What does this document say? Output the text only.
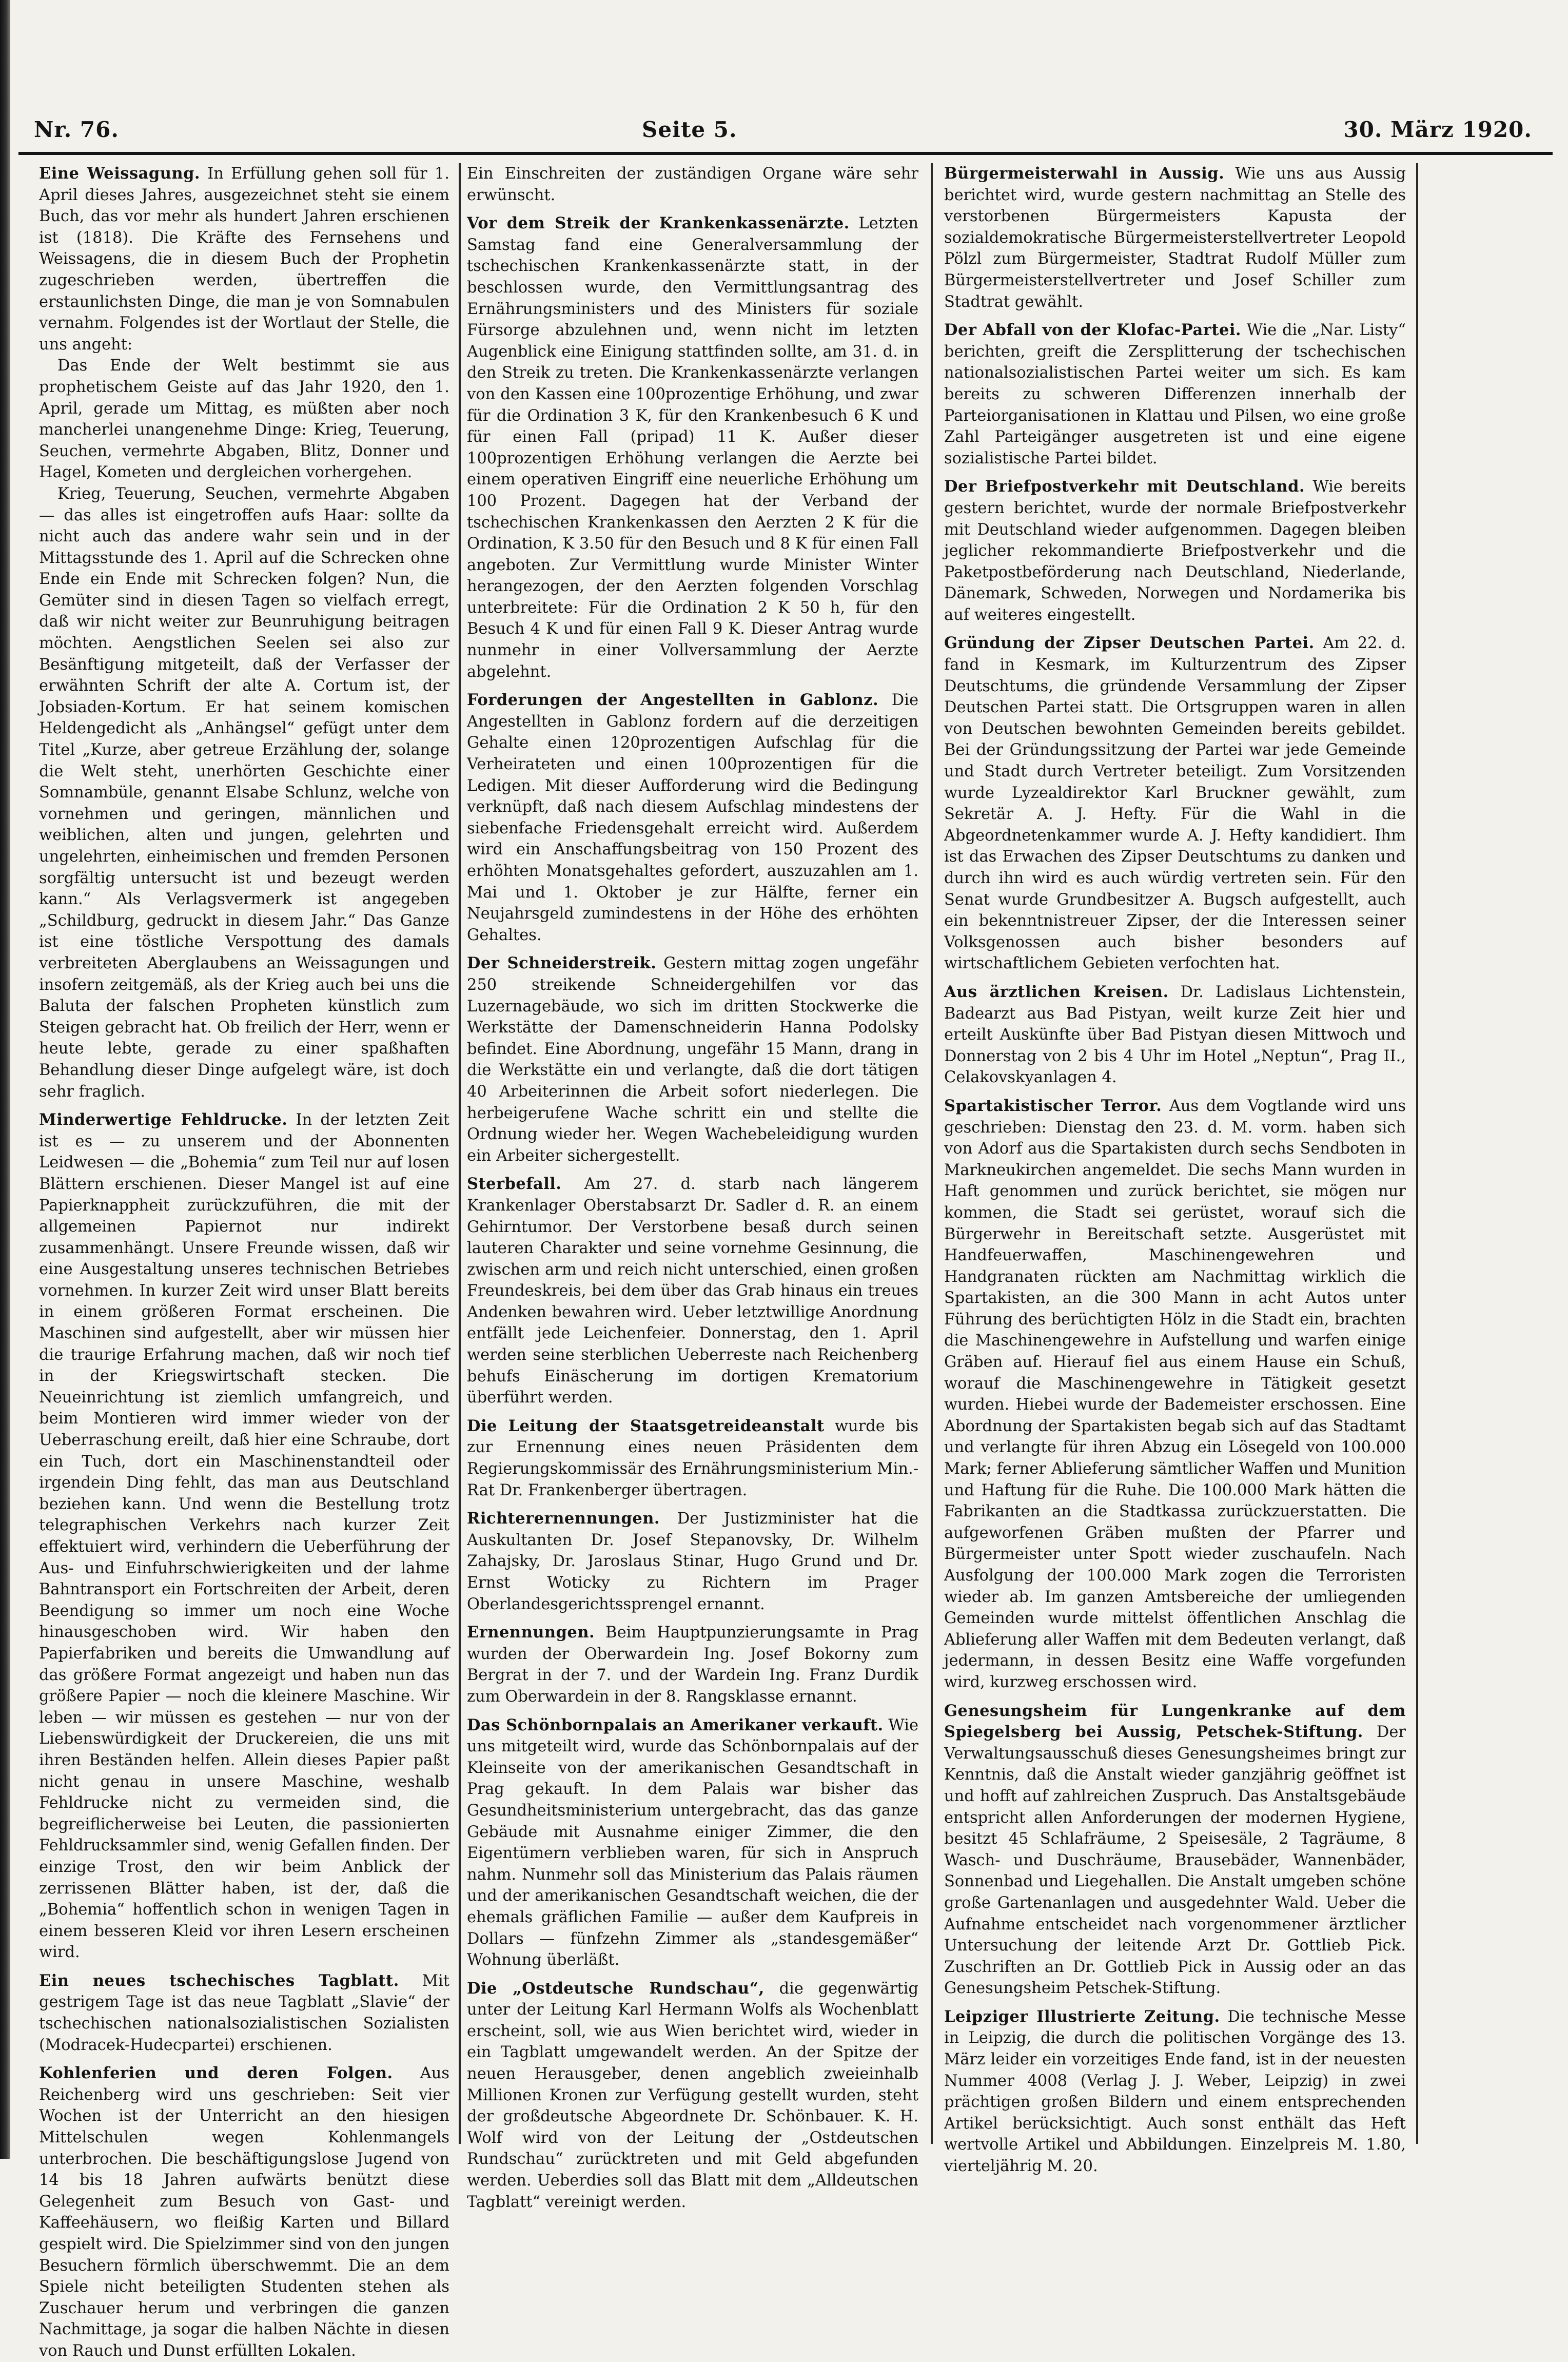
Nr. 76.	Seite 5.	30. März 1920.

Eine Weissagung. In Erfüllung gehen soll für 1. April dieses Jahres, ausgezeichnet steht sie einem Buch, das vor mehr als hundert Jahren erschienen ist (1818). Die Kräfte des Fernsehens und Weissagens, die in diesem Buch der Prophetin zugeschrieben werden, übertreffen die erstaunlichsten Dinge, die man je von Somnabulen vernahm. Folgendes ist der Wortlaut der Stelle, die uns angeht:

Das Ende der Welt bestimmt sie aus prophetischem Geiste auf das Jahr 1920, den 1. April, gerade um Mittag, es müßten aber noch mancherlei unangenehme Dinge: Krieg, Teuerung, Seuchen, vermehrte Abgaben, Blitz, Donner und Hagel, Kometen und dergleichen vorhergehen.

Krieg, Teuerung, Seuchen, vermehrte Abgaben — das alles ist eingetroffen aufs Haar: sollte da nicht auch das andere wahr sein und in der Mittagsstunde des 1. April auf die Schrecken ohne Ende ein Ende mit Schrecken folgen? Nun, die Gemüter sind in diesen Tagen so vielfach erregt, daß wir nicht weiter zur Beunruhigung beitragen möchten. Aengstlichen Seelen sei also zur Besänftigung mitgeteilt, daß der Verfasser der erwähnten Schrift der alte A. Cortum ist, der Jobsiaden-Kortum. Er hat seinem komischen Heldengedicht als „Anhängsel“ gefügt unter dem Titel „Kurze, aber getreue Erzählung der, solange die Welt steht, unerhörten Geschichte einer Somnambüle, genannt Elsabe Schlunz, welche von vornehmen und geringen, männlichen und weiblichen, alten und jungen, gelehrten und ungelehrten, einheimischen und fremden Personen sorgfältig untersucht ist und bezeugt werden kann.“ Als Verlagsvermerk ist angegeben „Schildburg, gedruckt in diesem Jahr.“ Das Ganze ist eine töstliche Verspottung des damals verbreiteten Aberglaubens an Weissagungen und insofern zeitgemäß, als der Krieg auch bei uns die Baluta der falschen Propheten künstlich zum Steigen gebracht hat. Ob freilich der Herr, wenn er heute lebte, gerade zu einer spaßhaften Behandlung dieser Dinge aufgelegt wäre, ist doch sehr fraglich.

Minderwertige Fehldrucke. In der letzten Zeit ist es — zu unserem und der Abonnenten Leidwesen — die „Bohemia“ zum Teil nur auf losen Blättern erschienen. Dieser Mangel ist auf eine Papierknappheit zurückzuführen, die mit der allgemeinen Papiernot nur indirekt zusammenhängt. Unsere Freunde wissen, daß wir eine Ausgestaltung unseres technischen Betriebes vornehmen. In kurzer Zeit wird unser Blatt bereits in einem größeren Format erscheinen. Die Maschinen sind aufgestellt, aber wir müssen hier die traurige Erfahrung machen, daß wir noch tief in der Kriegswirtschaft stecken. Die Neueinrichtung ist ziemlich umfangreich, und beim Montieren wird immer wieder von der Ueberraschung ereilt, daß hier eine Schraube, dort ein Tuch, dort ein Maschinenstandteil oder irgendein Ding fehlt, das man aus Deutschland beziehen kann. Und wenn die Bestellung trotz telegraphischen Verkehrs nach kurzer Zeit effektuiert wird, verhindern die Ueberführung der Aus- und Einfuhrschwierigkeiten und der lahme Bahntransport ein Fortschreiten der Arbeit, deren Beendigung so immer um noch eine Woche hinausgeschoben wird. Wir haben den Papierfabriken und bereits die Umwandlung auf das größere Format angezeigt und haben nun das größere Papier — noch die kleinere Maschine. Wir leben — wir müssen es gestehen — nur von der Liebenswürdigkeit der Druckereien, die uns mit ihren Beständen helfen. Allein dieses Papier paßt nicht genau in unsere Maschine, weshalb Fehldrucke nicht zu vermeiden sind, die begreiflicherweise bei Leuten, die passionierten Fehldrucksammler sind, wenig Gefallen finden. Der einzige Trost, den wir beim Anblick der zerrissenen Blätter haben, ist der, daß die „Bohemia“ hoffentlich schon in wenigen Tagen in einem besseren Kleid vor ihren Lesern erscheinen wird.

Ein neues tschechisches Tagblatt. Mit gestrigem Tage ist das neue Tagblatt „Slavie“ der tschechischen nationalsozialistischen Sozialisten (Modracek-Hudecpartei) erschienen.

Kohlenferien und deren Folgen. Aus Reichenberg wird uns geschrieben: Seit vier Wochen ist der Unterricht an den hiesigen Mittelschulen wegen Kohlenmangels unterbrochen. Die beschäftigungslose Jugend von 14 bis 18 Jahren aufwärts benützt diese Gelegenheit zum Besuch von Gast- und Kaffeehäusern, wo fleißig Karten und Billard gespielt wird. Die Spielzimmer sind von den jungen Besuchern förmlich überschwemmt. Die an dem Spiele nicht beteiligten Studenten stehen als Zuschauer herum und verbringen die ganzen Nachmittage, ja sogar die halben Nächte in diesen von Rauch und Dunst erfüllten Lokalen.

Ein Einschreiten der zuständigen Organe wäre sehr erwünscht.

Vor dem Streik der Krankenkassenärzte. Letzten Samstag fand eine Generalversammlung der tschechischen Krankenkassenärzte statt, in der beschlossen wurde, den Vermittlungsantrag des Ernährungsministers und des Ministers für soziale Fürsorge abzulehnen und, wenn nicht im letzten Augenblick eine Einigung stattfinden sollte, am 31. d. in den Streik zu treten. Die Krankenkassenärzte verlangen von den Kassen eine 100prozentige Erhöhung, und zwar für die Ordination 3 K, für den Krankenbesuch 6 K und für einen Fall (pripad) 11 K. Außer dieser 100prozentigen Erhöhung verlangen die Aerzte bei einem operativen Eingriff eine neuerliche Erhöhung um 100 Prozent. Dagegen hat der Verband der tschechischen Krankenkassen den Aerzten 2 K für die Ordination, K 3.50 für den Besuch und 8 K für einen Fall angeboten. Zur Vermittlung wurde Minister Winter herangezogen, der den Aerzten folgenden Vorschlag unterbreitete: Für die Ordination 2 K 50 h, für den Besuch 4 K und für einen Fall 9 K. Dieser Antrag wurde nunmehr in einer Vollversammlung der Aerzte abgelehnt.

Forderungen der Angestellten in Gablonz. Die Angestellten in Gablonz fordern auf die derzeitigen Gehalte einen 120prozentigen Aufschlag für die Verheirateten und einen 100prozentigen für die Ledigen. Mit dieser Aufforderung wird die Bedingung verknüpft, daß nach diesem Aufschlag mindestens der siebenfache Friedensgehalt erreicht wird. Außerdem wird ein Anschaffungsbeitrag von 150 Prozent des erhöhten Monatsgehaltes gefordert, auszuzahlen am 1. Mai und 1. Oktober je zur Hälfte, ferner ein Neujahrsgeld zumindestens in der Höhe des erhöhten Gehaltes.

Der Schneiderstreik. Gestern mittag zogen ungefähr 250 streikende Schneidergehilfen vor das Luzernagebäude, wo sich im dritten Stockwerke die Werkstätte der Damenschneiderin Hanna Podolsky befindet. Eine Abordnung, ungefähr 15 Mann, drang in die Werkstätte ein und verlangte, daß die dort tätigen 40 Arbeiterinnen die Arbeit sofort niederlegen. Die herbeigerufene Wache schritt ein und stellte die Ordnung wieder her. Wegen Wachebeleidigung wurden ein Arbeiter sichergestellt.

Sterbefall. Am 27. d. starb nach längerem Krankenlager Oberstabsarzt Dr. Sadler d. R. an einem Gehirntumor. Der Verstorbene besaß durch seinen lauteren Charakter und seine vornehme Gesinnung, die zwischen arm und reich nicht unterschied, einen großen Freundeskreis, bei dem über das Grab hinaus ein treues Andenken bewahren wird. Ueber letztwillige Anordnung entfällt jede Leichenfeier. Donnerstag, den 1. April werden seine sterblichen Ueberreste nach Reichenberg behufs Einäscherung im dortigen Krematorium überführt werden.

Die Leitung der Staatsgetreideanstalt wurde bis zur Ernennung eines neuen Präsidenten dem Regierungskommissär des Ernährungsministerium Min.-Rat Dr. Frankenberger übertragen.

Richterernennungen. Der Justizminister hat die Auskultanten Dr. Josef Stepanovsky, Dr. Wilhelm Zahajsky, Dr. Jaroslaus Stinar, Hugo Grund und Dr. Ernst Woticky zu Richtern im Prager Oberlandesgerichtssprengel ernannt.

Ernennungen. Beim Hauptpunzierungsamte in Prag wurden der Oberwardein Ing. Josef Bokorny zum Bergrat in der 7. und der Wardein Ing. Franz Durdik zum Oberwardein in der 8. Rangsklasse ernannt.

Das Schönbornpalais an Amerikaner verkauft. Wie uns mitgeteilt wird, wurde das Schönbornpalais auf der Kleinseite von der amerikanischen Gesandtschaft in Prag gekauft. In dem Palais war bisher das Gesundheitsministerium untergebracht, das das ganze Gebäude mit Ausnahme einiger Zimmer, die den Eigentümern verblieben waren, für sich in Anspruch nahm. Nunmehr soll das Ministerium das Palais räumen und der amerikanischen Gesandtschaft weichen, die der ehemals gräflichen Familie — außer dem Kaufpreis in Dollars — fünfzehn Zimmer als „standesgemäßer“ Wohnung überläßt.

Die „Ostdeutsche Rundschau“, die gegenwärtig unter der Leitung Karl Hermann Wolfs als Wochenblatt erscheint, soll, wie aus Wien berichtet wird, wieder in ein Tagblatt umgewandelt werden. An der Spitze der neuen Herausgeber, denen angeblich zweieinhalb Millionen Kronen zur Verfügung gestellt wurden, steht der großdeutsche Abgeordnete Dr. Schönbauer. K. H. Wolf wird von der Leitung der „Ostdeutschen Rundschau“ zurücktreten und mit Geld abgefunden werden. Ueberdies soll das Blatt mit dem „Alldeutschen Tagblatt“ vereinigt werden.

Bürgermeisterwahl in Aussig. Wie uns aus Aussig berichtet wird, wurde gestern nachmittag an Stelle des verstorbenen Bürgermeisters Kapusta der sozialdemokratische Bürgermeisterstellvertreter Leopold Pölzl zum Bürgermeister, Stadtrat Rudolf Müller zum Bürgermeisterstellvertreter und Josef Schiller zum Stadtrat gewählt.

Der Abfall von der Klofac-Partei. Wie die „Nar. Listy“ berichten, greift die Zersplitterung der tschechischen nationalsozialistischen Partei weiter um sich. Es kam bereits zu schweren Differenzen innerhalb der Parteiorganisationen in Klattau und Pilsen, wo eine große Zahl Parteigänger ausgetreten ist und eine eigene sozialistische Partei bildet.

Der Briefpostverkehr mit Deutschland. Wie bereits gestern berichtet, wurde der normale Briefpostverkehr mit Deutschland wieder aufgenommen. Dagegen bleiben jeglicher rekommandierte Briefpostverkehr und die Paketpostbeförderung nach Deutschland, Niederlande, Dänemark, Schweden, Norwegen und Nordamerika bis auf weiteres eingestellt.

Gründung der Zipser Deutschen Partei. Am 22. d. fand in Kesmark, im Kulturzentrum des Zipser Deutschtums, die gründende Versammlung der Zipser Deutschen Partei statt. Die Ortsgruppen waren in allen von Deutschen bewohnten Gemeinden bereits gebildet. Bei der Gründungssitzung der Partei war jede Gemeinde und Stadt durch Vertreter beteiligt. Zum Vorsitzenden wurde Lyzealdirektor Karl Bruckner gewählt, zum Sekretär A. J. Hefty. Für die Wahl in die Abgeordnetenkammer wurde A. J. Hefty kandidiert. Ihm ist das Erwachen des Zipser Deutschtums zu danken und durch ihn wird es auch würdig vertreten sein. Für den Senat wurde Grundbesitzer A. Bugsch aufgestellt, auch ein bekenntnistreuer Zipser, der die Interessen seiner Volksgenossen auch bisher besonders auf wirtschaftlichem Gebieten verfochten hat.

Aus ärztlichen Kreisen. Dr. Ladislaus Lichtenstein, Badearzt aus Bad Pistyan, weilt kurze Zeit hier und erteilt Auskünfte über Bad Pistyan diesen Mittwoch und Donnerstag von 2 bis 4 Uhr im Hotel „Neptun“, Prag II., Celakovskyanlagen 4.

Spartakistischer Terror. Aus dem Vogtlande wird uns geschrieben: Dienstag den 23. d. M. vorm. haben sich von Adorf aus die Spartakisten durch sechs Sendboten in Markneukirchen angemeldet. Die sechs Mann wurden in Haft genommen und zurück berichtet, sie mögen nur kommen, die Stadt sei gerüstet, worauf sich die Bürgerwehr in Bereitschaft setzte. Ausgerüstet mit Handfeuerwaffen, Maschinengewehren und Handgranaten rückten am Nachmittag wirklich die Spartakisten, an die 300 Mann in acht Autos unter Führung des berüchtigten Hölz in die Stadt ein, brachten die Maschinengewehre in Aufstellung und warfen einige Gräben auf. Hierauf fiel aus einem Hause ein Schuß, worauf die Maschinengewehre in Tätigkeit gesetzt wurden. Hiebei wurde der Bademeister erschossen. Eine Abordnung der Spartakisten begab sich auf das Stadtamt und verlangte für ihren Abzug ein Lösegeld von 100.000 Mark; ferner Ablieferung sämtlicher Waffen und Munition und Haftung für die Ruhe. Die 100.000 Mark hätten die Fabrikanten an die Stadtkassa zurückzuerstatten. Die aufgeworfenen Gräben mußten der Pfarrer und Bürgermeister unter Spott wieder zuschaufeln. Nach Ausfolgung der 100.000 Mark zogen die Terroristen wieder ab. Im ganzen Amtsbereiche der umliegenden Gemeinden wurde mittelst öffentlichen Anschlag die Ablieferung aller Waffen mit dem Bedeuten verlangt, daß jedermann, in dessen Besitz eine Waffe vorgefunden wird, kurzweg erschossen wird.

Genesungsheim für Lungenkranke auf dem Spiegelsberg bei Aussig, Petschek-Stiftung. Der Verwaltungsausschuß dieses Genesungsheimes bringt zur Kenntnis, daß die Anstalt wieder ganzjährig geöffnet ist und hofft auf zahlreichen Zuspruch. Das Anstaltsgebäude entspricht allen Anforderungen der modernen Hygiene, besitzt 45 Schlafräume, 2 Speisesäle, 2 Tagräume, 8 Wasch- und Duschräume, Brausebäder, Wannenbäder, Sonnenbad und Liegehallen. Die Anstalt umgeben schöne große Gartenanlagen und ausgedehnter Wald. Ueber die Aufnahme entscheidet nach vorgenommener ärztlicher Untersuchung der leitende Arzt Dr. Gottlieb Pick. Zuschriften an Dr. Gottlieb Pick in Aussig oder an das Genesungsheim Petschek-Stiftung.

Leipziger Illustrierte Zeitung. Die technische Messe in Leipzig, die durch die politischen Vorgänge des 13. März leider ein vorzeitiges Ende fand, ist in der neuesten Nummer 4008 (Verlag J. J. Weber, Leipzig) in zwei prächtigen großen Bildern und einem entsprechenden Artikel berücksichtigt. Auch sonst enthält das Heft wertvolle Artikel und Abbildungen. Einzelpreis M. 1.80, vierteljährig M. 20.
